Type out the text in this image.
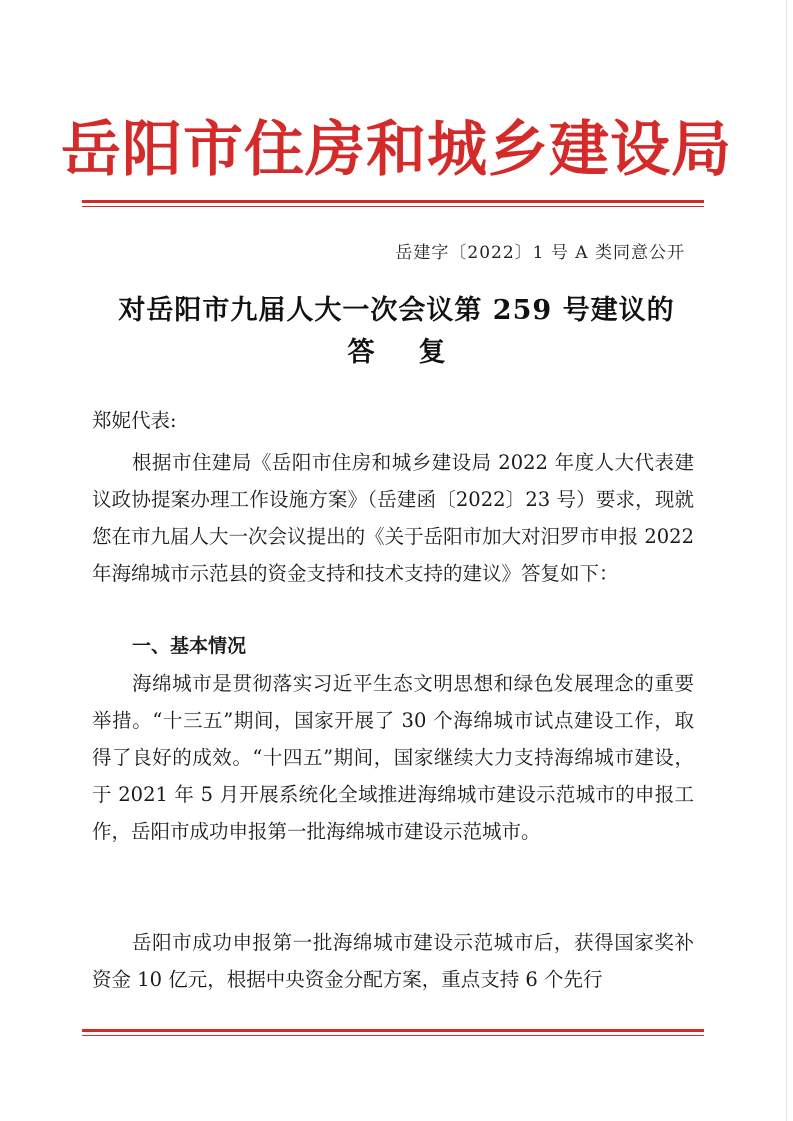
岳阳市住房和城乡建设局
岳建字〔2022〕1 号 A 类同意公开
对岳阳市九届人大一次会议第 259 号建议的
答复
郑妮代表:
根据市住建局《岳阳市住房和城乡建设局 2022 年度人大代表建议政协提案办理工作设施方案》（岳建函〔2022〕23 号）要求，现就您在市九届人大一次会议提出的《关于岳阳市加大对汨罗市申报 2022 年海绵城市示范县的资金支持和技术支持的建议》答复如下：
一、基本情况
海绵城市是贯彻落实习近平生态文明思想和绿色发展理念的重要举措。“十三五”期间，国家开展了 30 个海绵城市试点建设工作，取得了良好的成效。“十四五”期间，国家继续大力支持海绵城市建设，于 2021 年 5 月开展系统化全域推进海绵城市建设示范城市的申报工作，岳阳市成功申报第一批海绵城市建设示范城市。
岳阳市成功申报第一批海绵城市建设示范城市后，获得国家奖补资金 10 亿元，根据中央资金分配方案，重点支持 6 个先行
